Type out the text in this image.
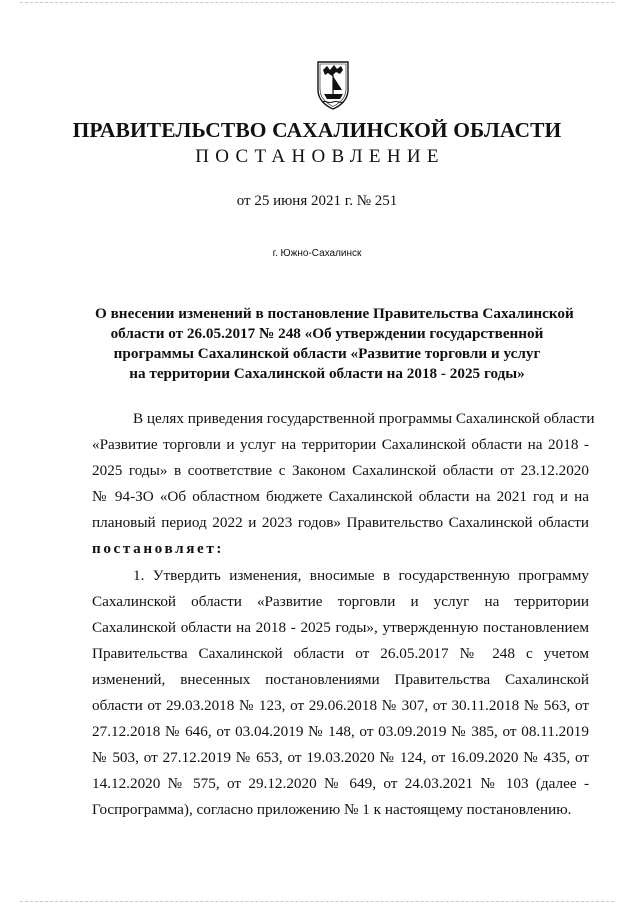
ПРАВИТЕЛЬСТВО САХАЛИНСКОЙ ОБЛАСТИ
ПОСТАНОВЛЕНИЕ
от 25 июня 2021 г. № 251
г. Южно-Сахалинск
О внесении изменений в постановление Правительства Сахалинской
области от 26.05.2017 № 248 «Об утверждении государственной
программы Сахалинской области «Развитие торговли и услуг
на территории Сахалинской области на 2018 - 2025 годы»
В целях приведения государственной программы Сахалинской области
«Развитие торговли и услуг на территории Сахалинской области на 2018 -
2025 годы» в соответствие с Законом Сахалинской области от 23.12.2020
№ 94-ЗО «Об областном бюджете Сахалинской области на 2021 год и на
плановый период 2022 и 2023 годов» Правительство Сахалинской области
постановляет:
1. Утвердить изменения, вносимые в государственную программу
Сахалинской области «Развитие торговли и услуг на территории
Сахалинской области на 2018 - 2025 годы», утвержденную постановлением
Правительства Сахалинской области от 26.05.2017 № 248 с учетом
изменений, внесенных постановлениями Правительства Сахалинской
области от 29.03.2018 № 123, от 29.06.2018 № 307, от 30.11.2018 № 563, от
27.12.2018 № 646, от 03.04.2019 № 148, от 03.09.2019 № 385, от 08.11.2019
№ 503, от 27.12.2019 № 653, от 19.03.2020 № 124, от 16.09.2020 № 435, от
14.12.2020 № 575, от 29.12.2020 № 649, от 24.03.2021 № 103 (далее -
Госпрограмма), согласно приложению № 1 к настоящему постановлению.
